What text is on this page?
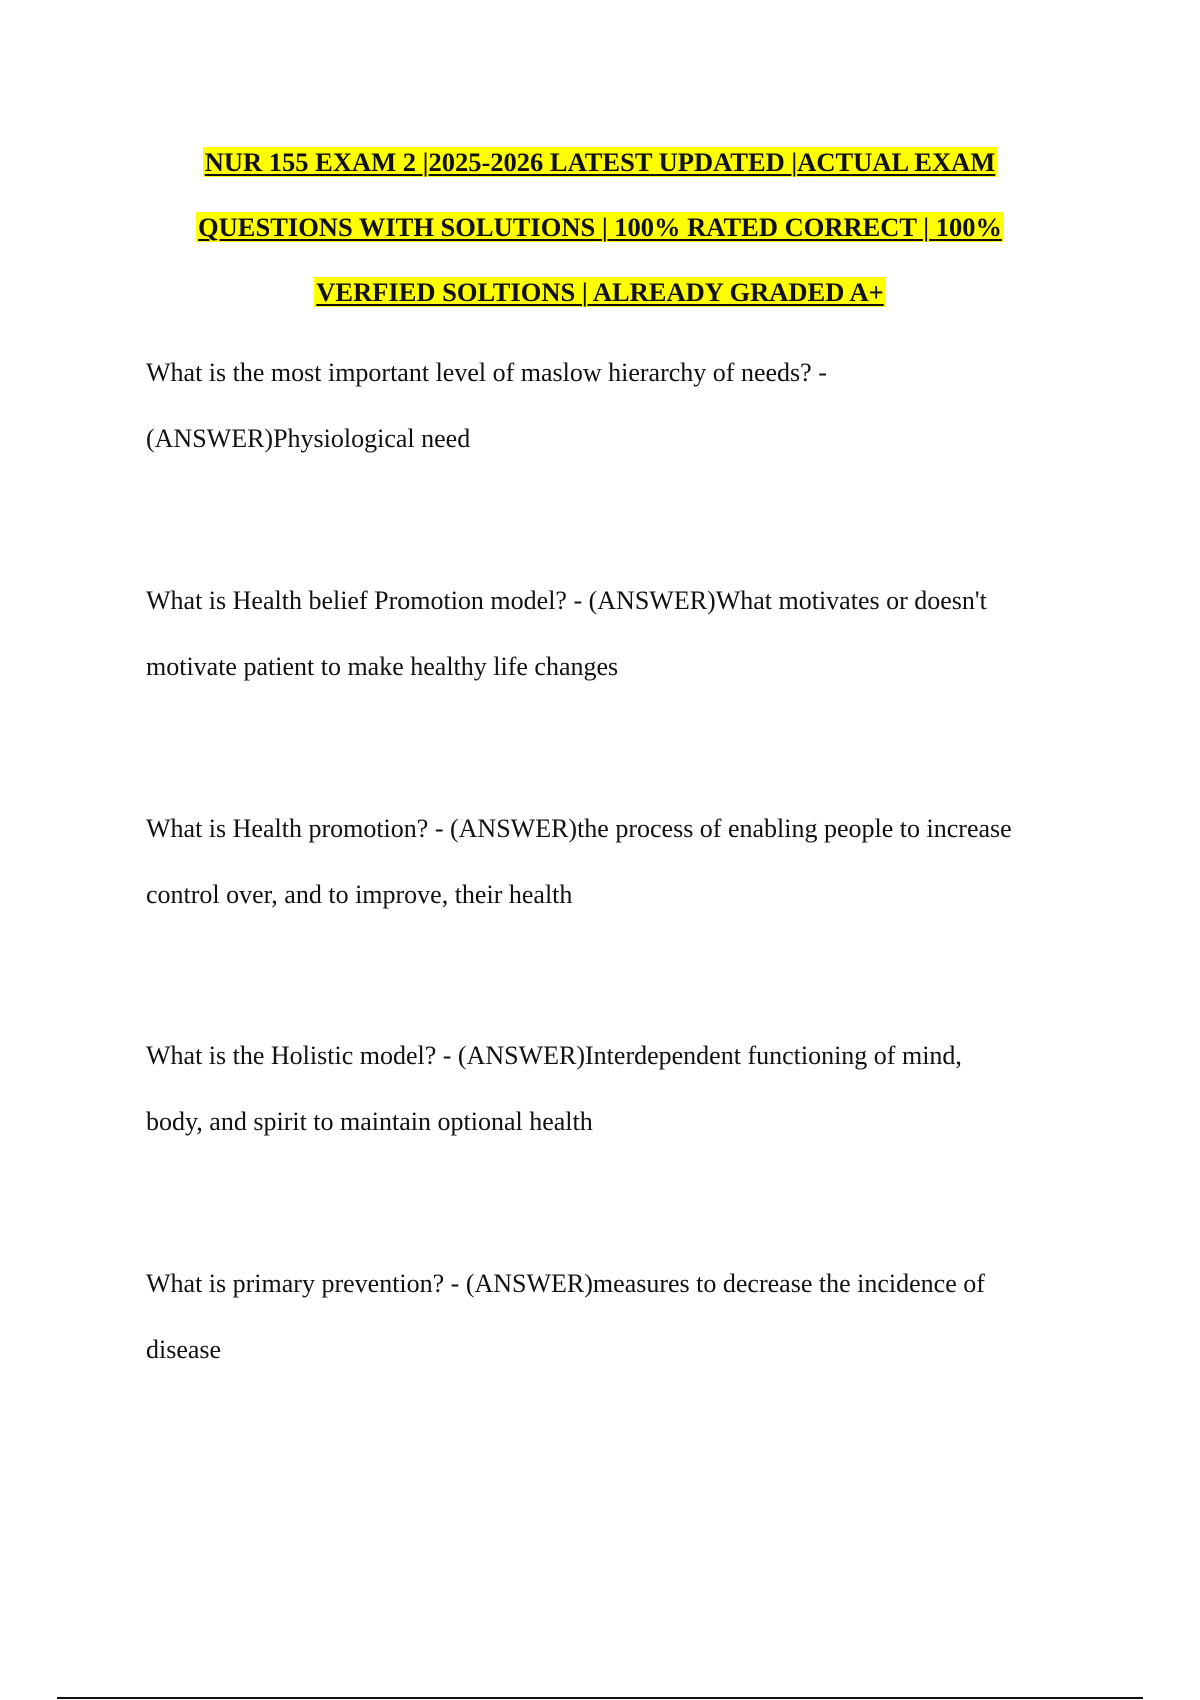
NUR 155 EXAM 2 |2025-2026 LATEST UPDATED |ACTUAL EXAM
QUESTIONS WITH SOLUTIONS | 100% RATED CORRECT | 100%
VERFIED SOLTIONS | ALREADY GRADED A+
What is the most important level of maslow hierarchy of needs? -
(ANSWER)Physiological need
What is Health belief Promotion model? - (ANSWER)What motivates or doesn't
motivate patient to make healthy life changes
What is Health promotion? - (ANSWER)the process of enabling people to increase
control over, and to improve, their health
What is the Holistic model? - (ANSWER)Interdependent functioning of mind,
body, and spirit to maintain optional health
What is primary prevention? - (ANSWER)measures to decrease the incidence of
disease
